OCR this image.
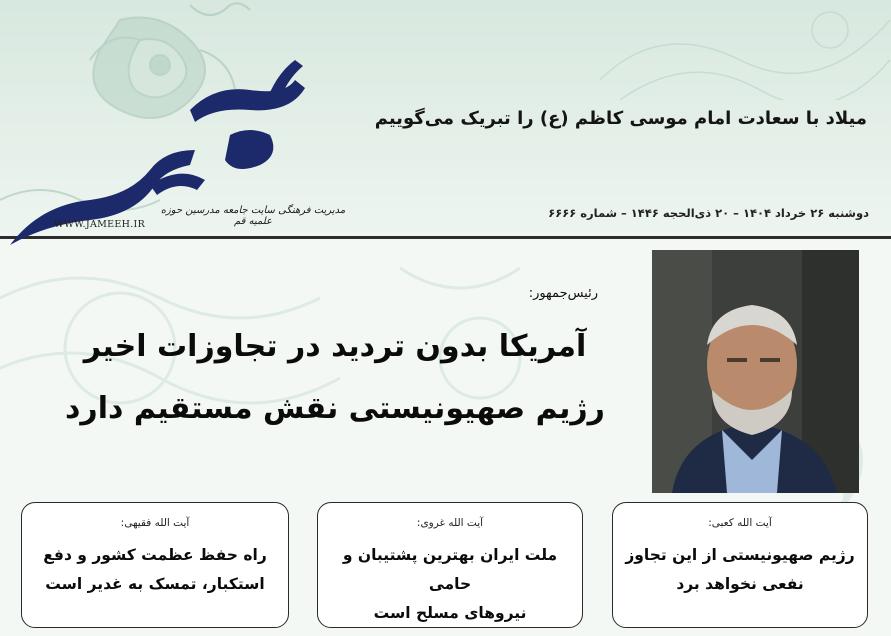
WWW.JAMEEH.IR
مدیریت فرهنگی سایت جامعه مدرسین حوزه علمیه قم
میلاد با سعادت امام موسی کاظم (ع) را تبریک می‌گوییم
دوشنبه ۲۶ خرداد ۱۴۰۴ – ۲۰ ذی‌الحجه ۱۴۴۶ – شماره ۶۶۶۶
رئیس‌جمهور:
آمریکا بدون تردید در تجاوزات اخیر
رژیم صهیونیستی نقش مستقیم دارد
آیت الله کعبی:
رژیم صهیونیستی از این تجاوز
نفعی نخواهد برد
آیت الله غروی:
ملت ایران بهترین پشتیبان و حامی
نیروهای مسلح است
آیت الله فقیهی:
راه حفظ عظمت کشور و دفع
استکبار، تمسک به غدیر است
